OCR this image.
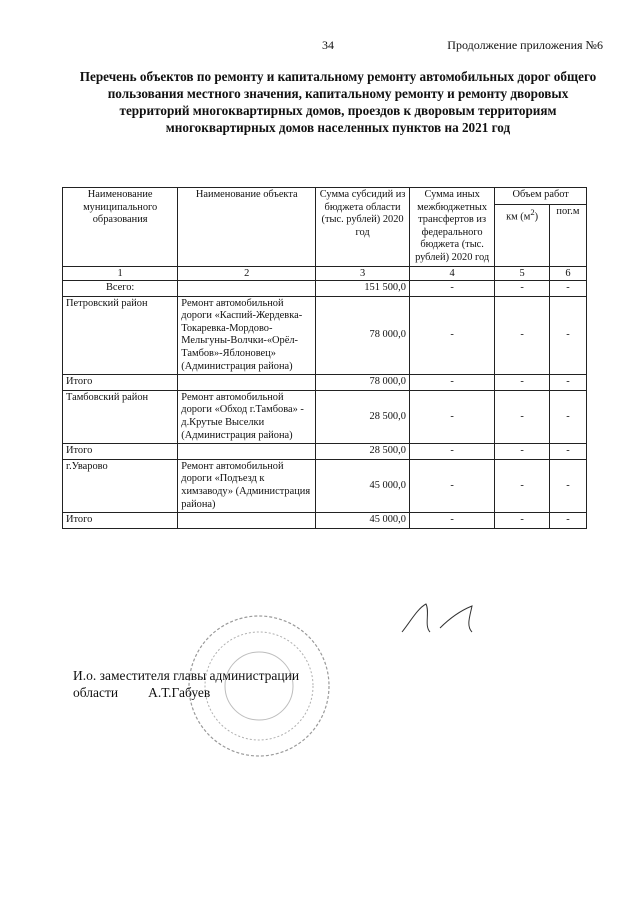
34	Продолжение приложения №6
Перечень объектов по ремонту и капитальному ремонту автомобильных дорог общего пользования местного значения, капитальному ремонту и ремонту дворовых территорий многоквартирных домов, проездов к дворовым территориям многоквартирных домов населенных пунктов на 2021 год
Наименование муниципального образования	Наименование объекта	Сумма субсидий из бюджета области (тыс. рублей) 2020 год	Сумма иных межбюджетных трансфертов из федерального бюджета (тыс. рублей) 2020 год	Объем работ	
				км $(м^2)$	пог.м
1	2	3	4	5	6
Всего:		151 500,0	-	-	-
Петровский район	Ремонт автомобильной дороги «Каспий-Жердевка-Токаревка-Мордово-Мельгуны-Волчки-«Орёл-Тамбов»-Яблоновец» (Администрация района)	78 000,0	-	-	-
Итого		78 000,0	-	-	-
Тамбовский район	Ремонт автомобильной дороги «Обход г.Тамбова» - д.Крутые Выселки (Администрация района)	28 500,0	-	-	-
Итого		28 500,0	-	-	-
г.Уварово	Ремонт автомобильной дороги «Подъезд к химзаводу» (Администрация района)	45 000,0	-	-	-
Итого		45 000,0	-	-	-
И.о. заместителя главы администрации
области А.Т.Габуев
